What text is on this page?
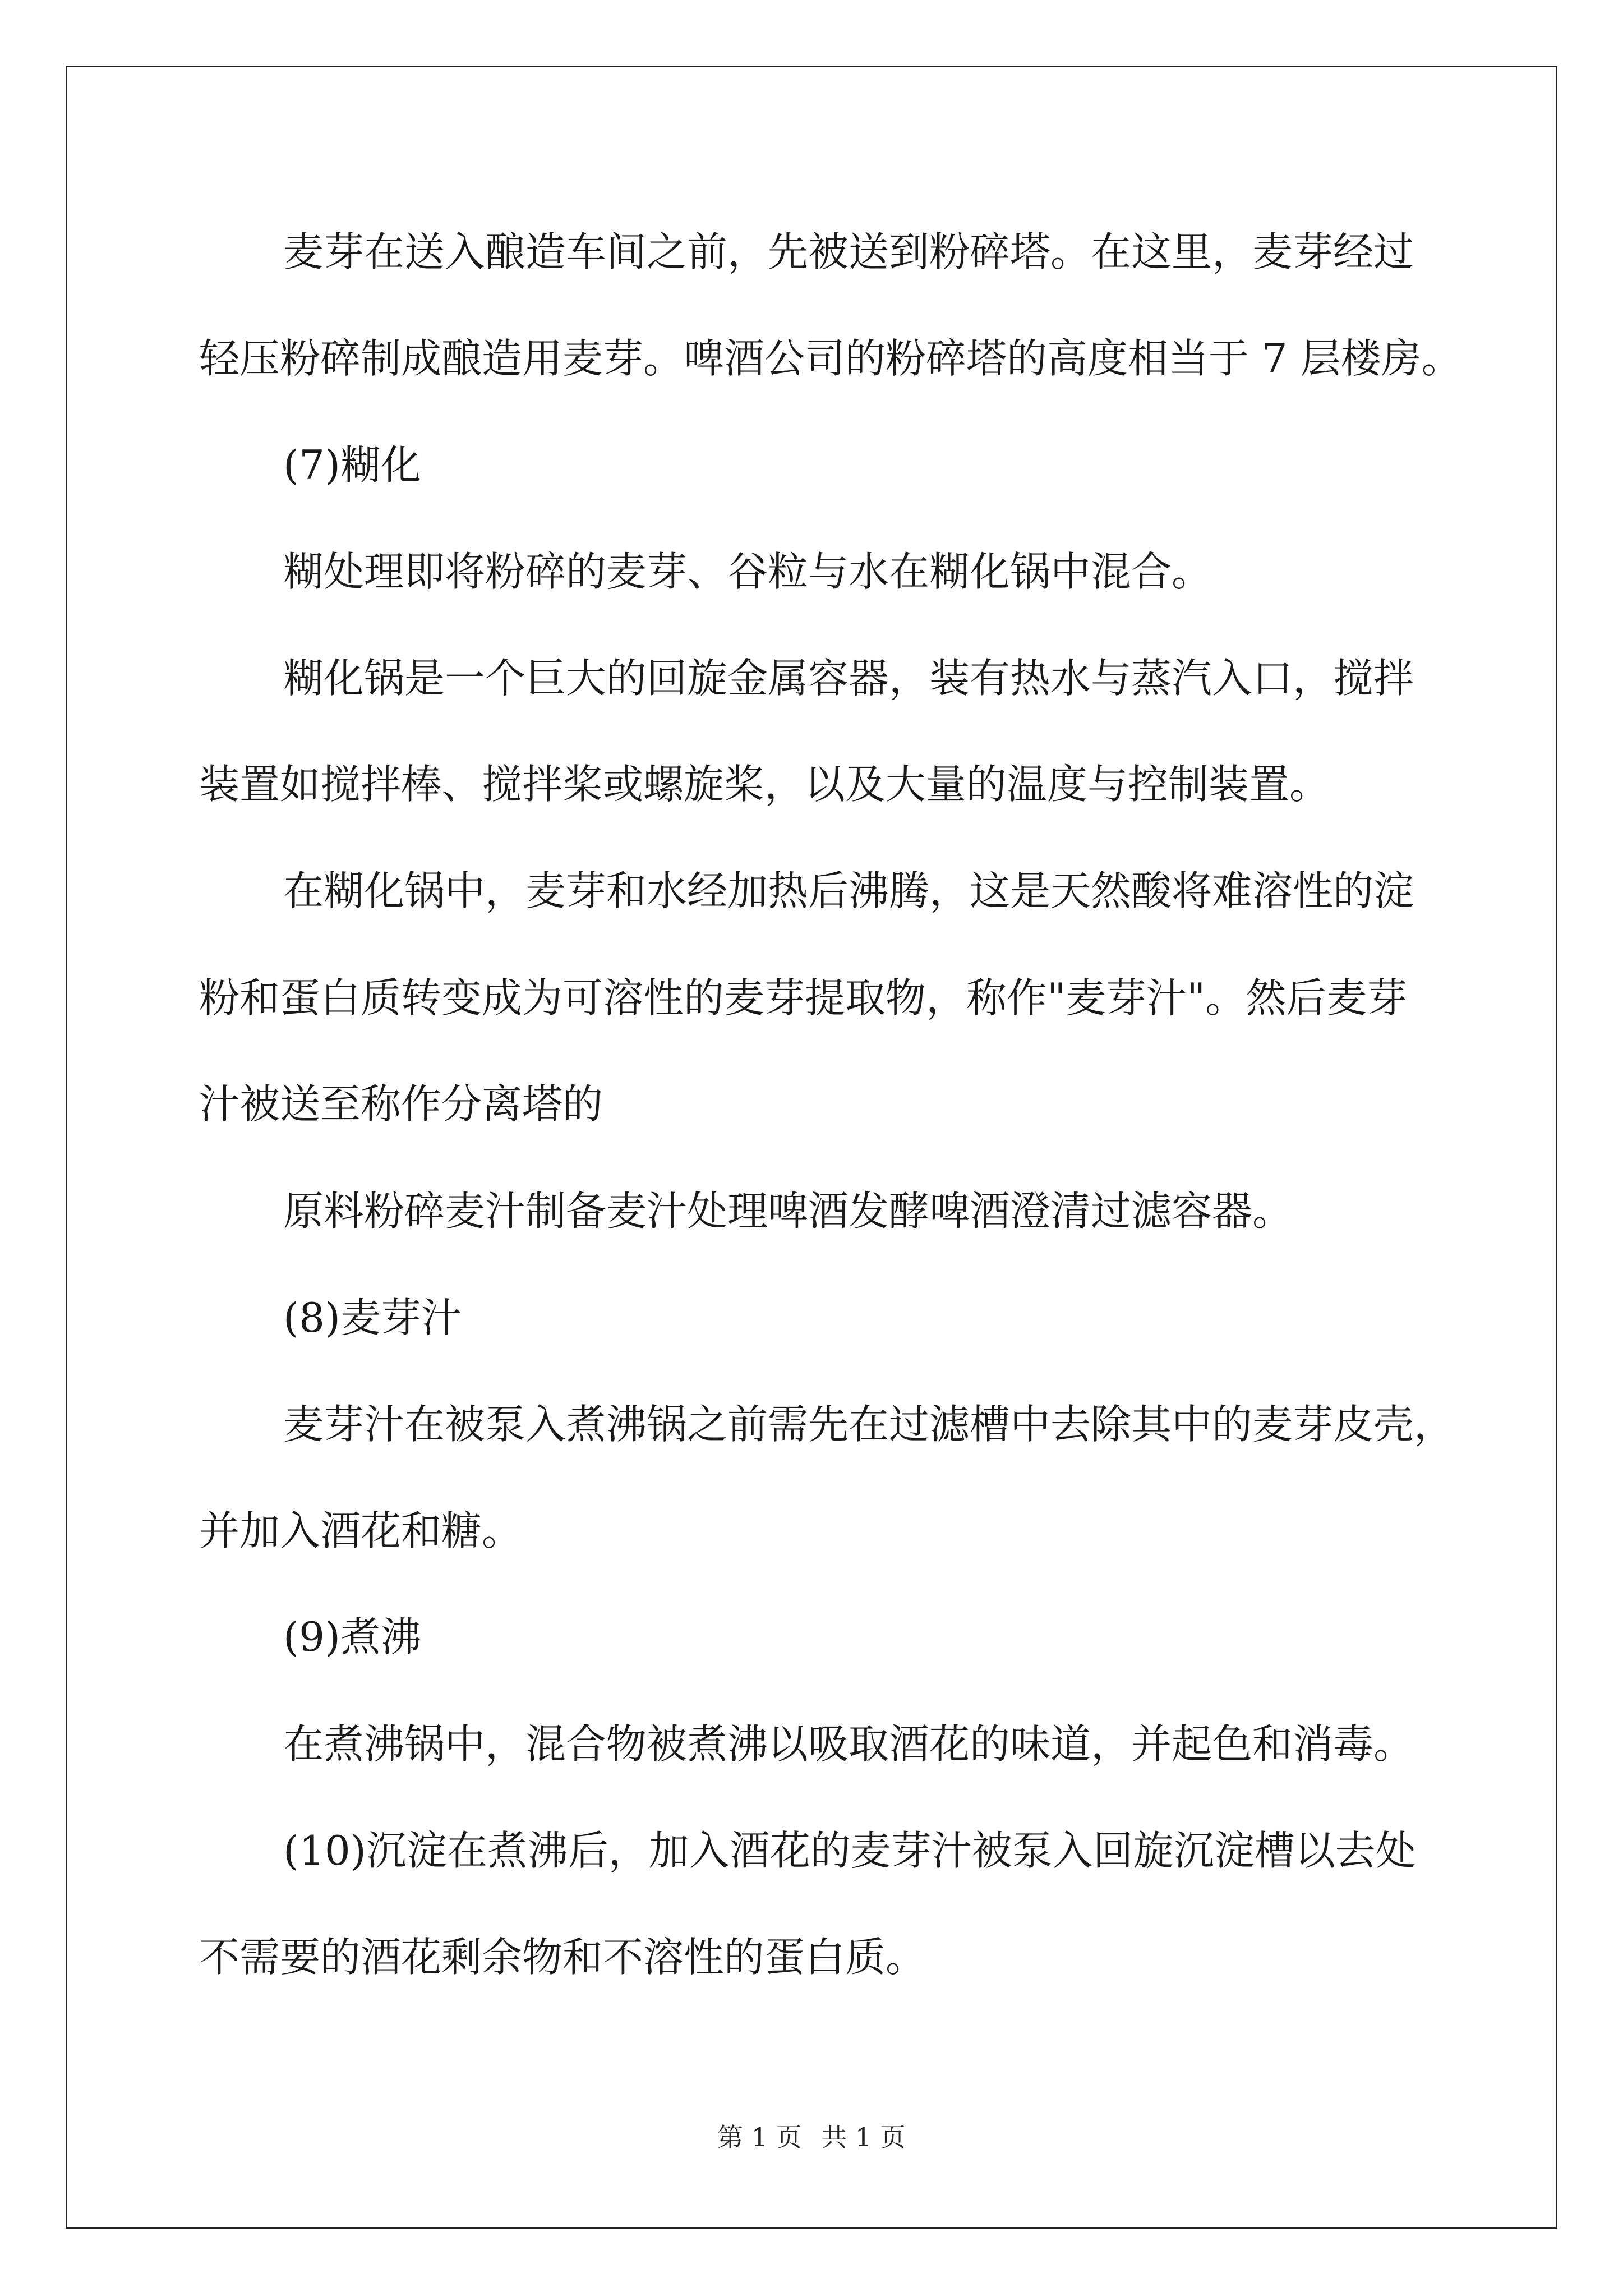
麦芽在送入酿造车间之前，先被送到粉碎塔。在这里，麦芽经过

轻压粉碎制成酿造用麦芽。啤酒公司的粉碎塔的高度相当于 7 层楼房。

(7)糊化

糊处理即将粉碎的麦芽、谷粒与水在糊化锅中混合。

糊化锅是一个巨大的回旋金属容器，装有热水与蒸汽入口，搅拌

装置如搅拌棒、搅拌桨或螺旋桨，以及大量的温度与控制装置。

在糊化锅中，麦芽和水经加热后沸腾，这是天然酸将难溶性的淀

粉和蛋白质转变成为可溶性的麦芽提取物，称作"麦芽汁"。然后麦芽

汁被送至称作分离塔的

原料粉碎麦汁制备麦汁处理啤酒发酵啤酒澄清过滤容器。

(8)麦芽汁

麦芽汁在被泵入煮沸锅之前需先在过滤槽中去除其中的麦芽皮壳，

并加入酒花和糖。

(9)煮沸

在煮沸锅中，混合物被煮沸以吸取酒花的味道，并起色和消毒。

(10)沉淀在煮沸后，加入酒花的麦芽汁被泵入回旋沉淀槽以去处

不需要的酒花剩余物和不溶性的蛋白质。

第 1 页 共 1 页
